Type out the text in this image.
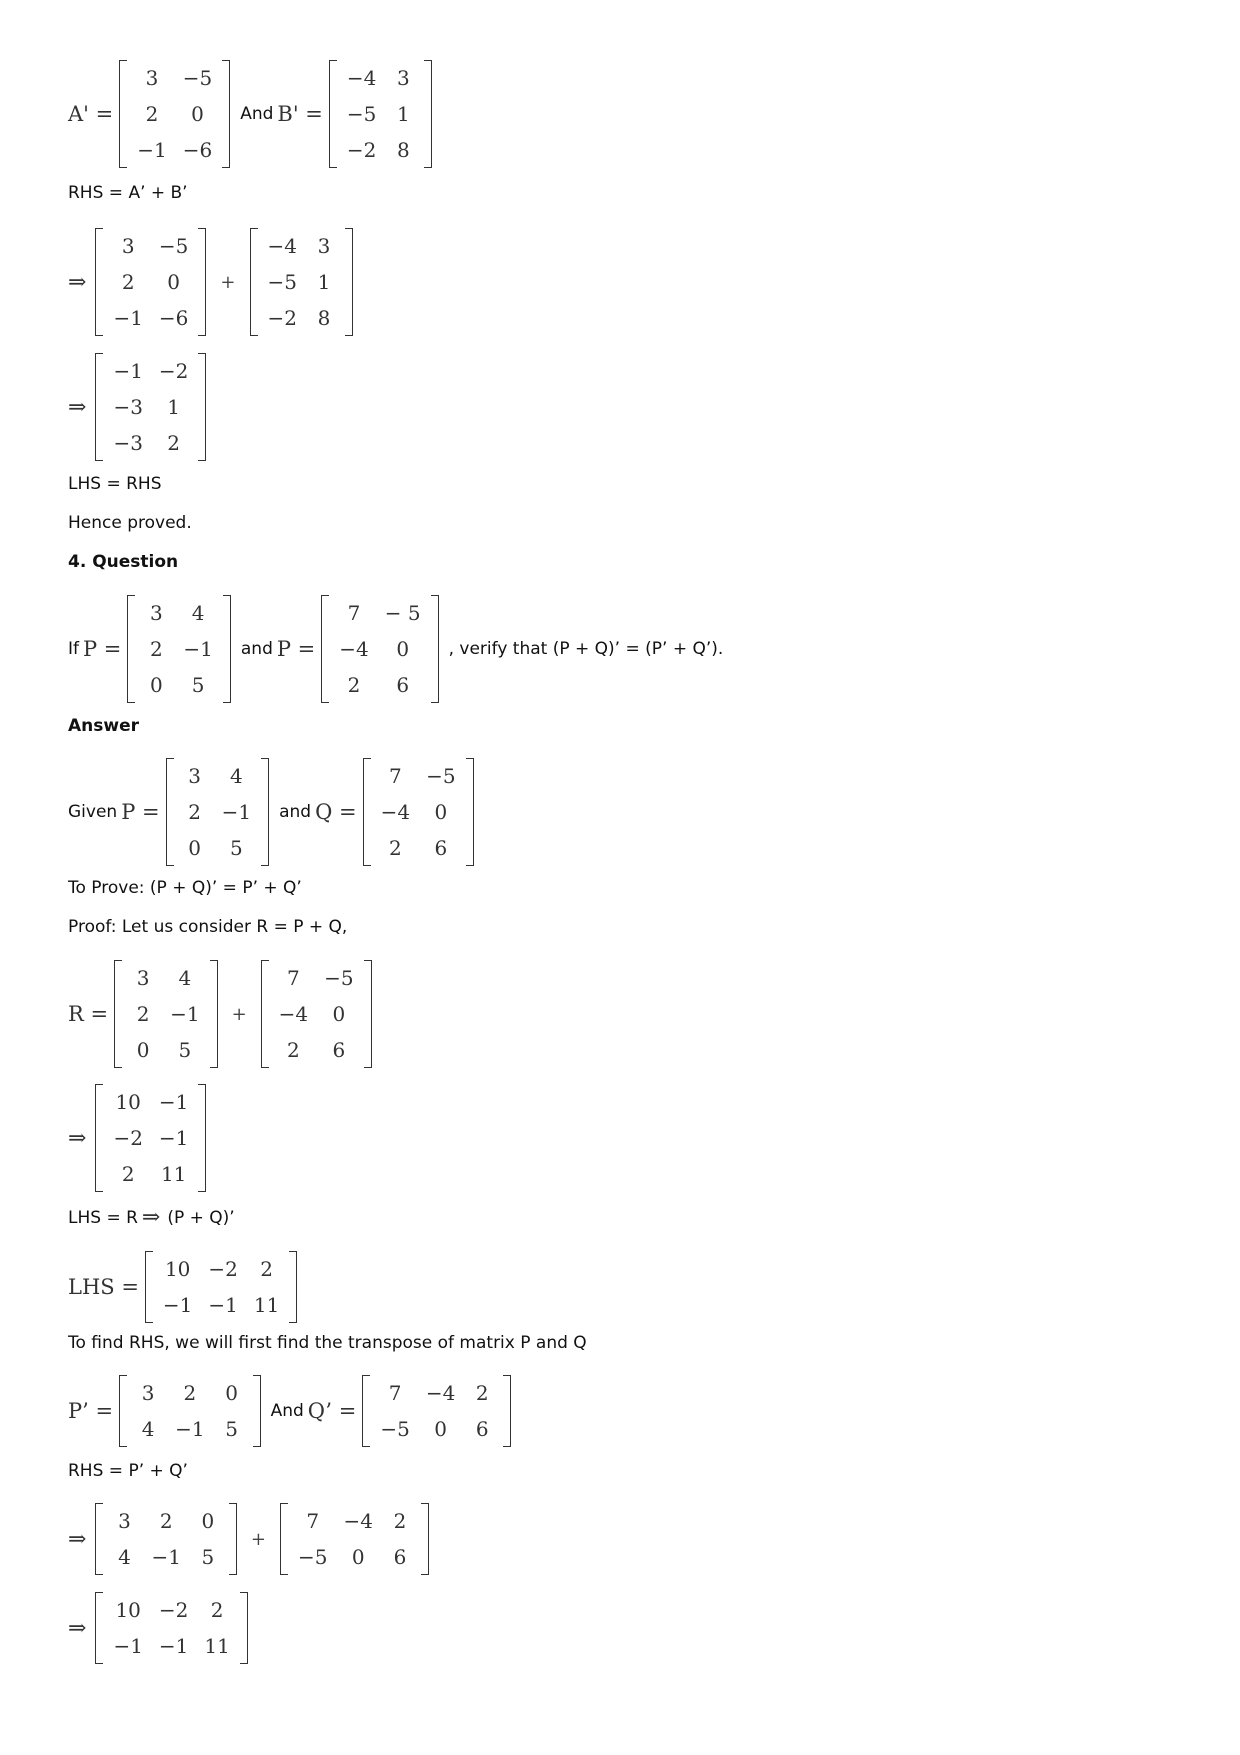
A' =
3	−5
2	0
−1	−6
And B' =
−4	3
−5	1
−2	8
RHS = A’ + B’
⇒
3	−5
2	0
−1	−6
+
−4	3
−5	1
−2	8
⇒
−1	−2
−3	1
−3	2
LHS = RHS
Hence proved.
4. Question
If P =
3	4
2	−1
0	5
and P =
7	− 5
−4	0
2	6
, verify that (P + Q)’ = (P’ + Q’).
Answer
Given P =
3	4
2	−1
0	5
and Q =
7	−5
−4	0
2	6
To Prove: (P + Q)’ = P’ + Q’
Proof: Let us consider R = P + Q,
R =
3	4
2	−1
0	5
+
7	−5
−4	0
2	6
⇒
10	−1
−2	−1
2	11
LHS = R ⇒ (P + Q)’
LHS =
10	−2	2
−1	−1	11
To find RHS, we will first find the transpose of matrix P and Q
P’ =
3	2	0
4	−1	5
And Q’ =
7	−4	2
−5	0	6
RHS = P’ + Q’
⇒
3	2	0
4	−1	5
+
7	−4	2
−5	0	6
⇒
10	−2	2
−1	−1	11
